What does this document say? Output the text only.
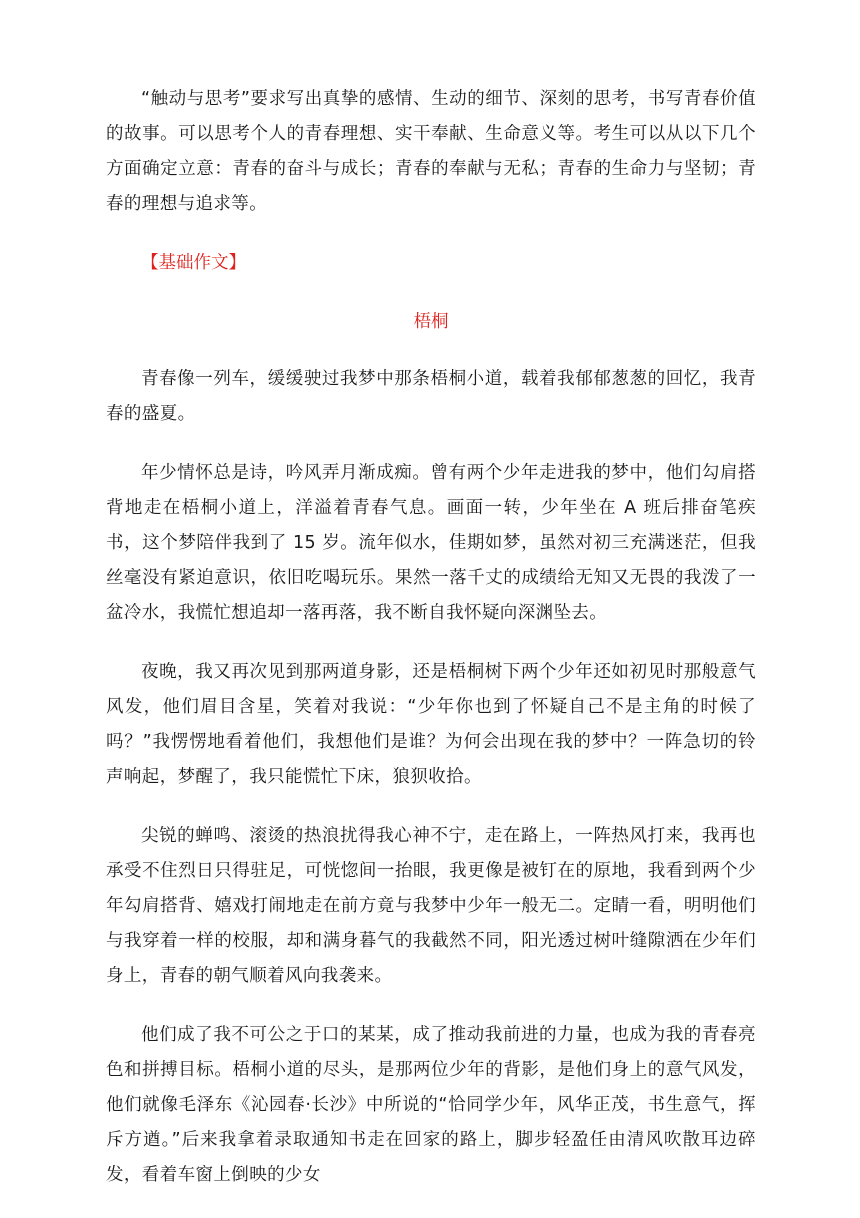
“触动与思考”要求写出真挚的感情、生动的细节、深刻的思考，书写青春价值的故事。可以思考个人的青春理想、实干奉献、生命意义等。考生可以从以下几个方面确定立意：青春的奋斗与成长；青春的奉献与无私；青春的生命力与坚韧；青春的理想与追求等。

【基础作文】

梧桐

青春像一列车，缓缓驶过我梦中那条梧桐小道，载着我郁郁葱葱的回忆，我青春的盛夏。

年少情怀总是诗，吟风弄月渐成痴。曾有两个少年走进我的梦中，他们勾肩搭背地走在梧桐小道上，洋溢着青春气息。画面一转，少年坐在 A 班后排奋笔疾书，这个梦陪伴我到了 15 岁。流年似水，佳期如梦，虽然对初三充满迷茫，但我丝毫没有紧迫意识，依旧吃喝玩乐。果然一落千丈的成绩给无知又无畏的我泼了一盆冷水，我慌忙想追却一落再落，我不断自我怀疑向深渊坠去。

夜晚，我又再次见到那两道身影，还是梧桐树下两个少年还如初见时那般意气风发，他们眉目含星，笑着对我说：“少年你也到了怀疑自己不是主角的时候了吗？”我愣愣地看着他们，我想他们是谁？为何会出现在我的梦中？一阵急切的铃声响起，梦醒了，我只能慌忙下床，狼狈收拾。

尖锐的蝉鸣、滚烫的热浪扰得我心神不宁，走在路上，一阵热风打来，我再也承受不住烈日只得驻足，可恍惚间一抬眼，我更像是被钉在的原地，我看到两个少年勾肩搭背、嬉戏打闹地走在前方竟与我梦中少年一般无二。定睛一看，明明他们与我穿着一样的校服，却和满身暮气的我截然不同，阳光透过树叶缝隙洒在少年们身上，青春的朝气顺着风向我袭来。

他们成了我不可公之于口的某某，成了推动我前进的力量，也成为我的青春亮色和拼搏目标。梧桐小道的尽头，是那两位少年的背影，是他们身上的意气风发，他们就像毛泽东《沁园春·长沙》中所说的“恰同学少年，风华正茂，书生意气，挥斥方遒。”后来我拿着录取通知书走在回家的路上，脚步轻盈任由清风吹散耳边碎发，看着车窗上倒映的少女
